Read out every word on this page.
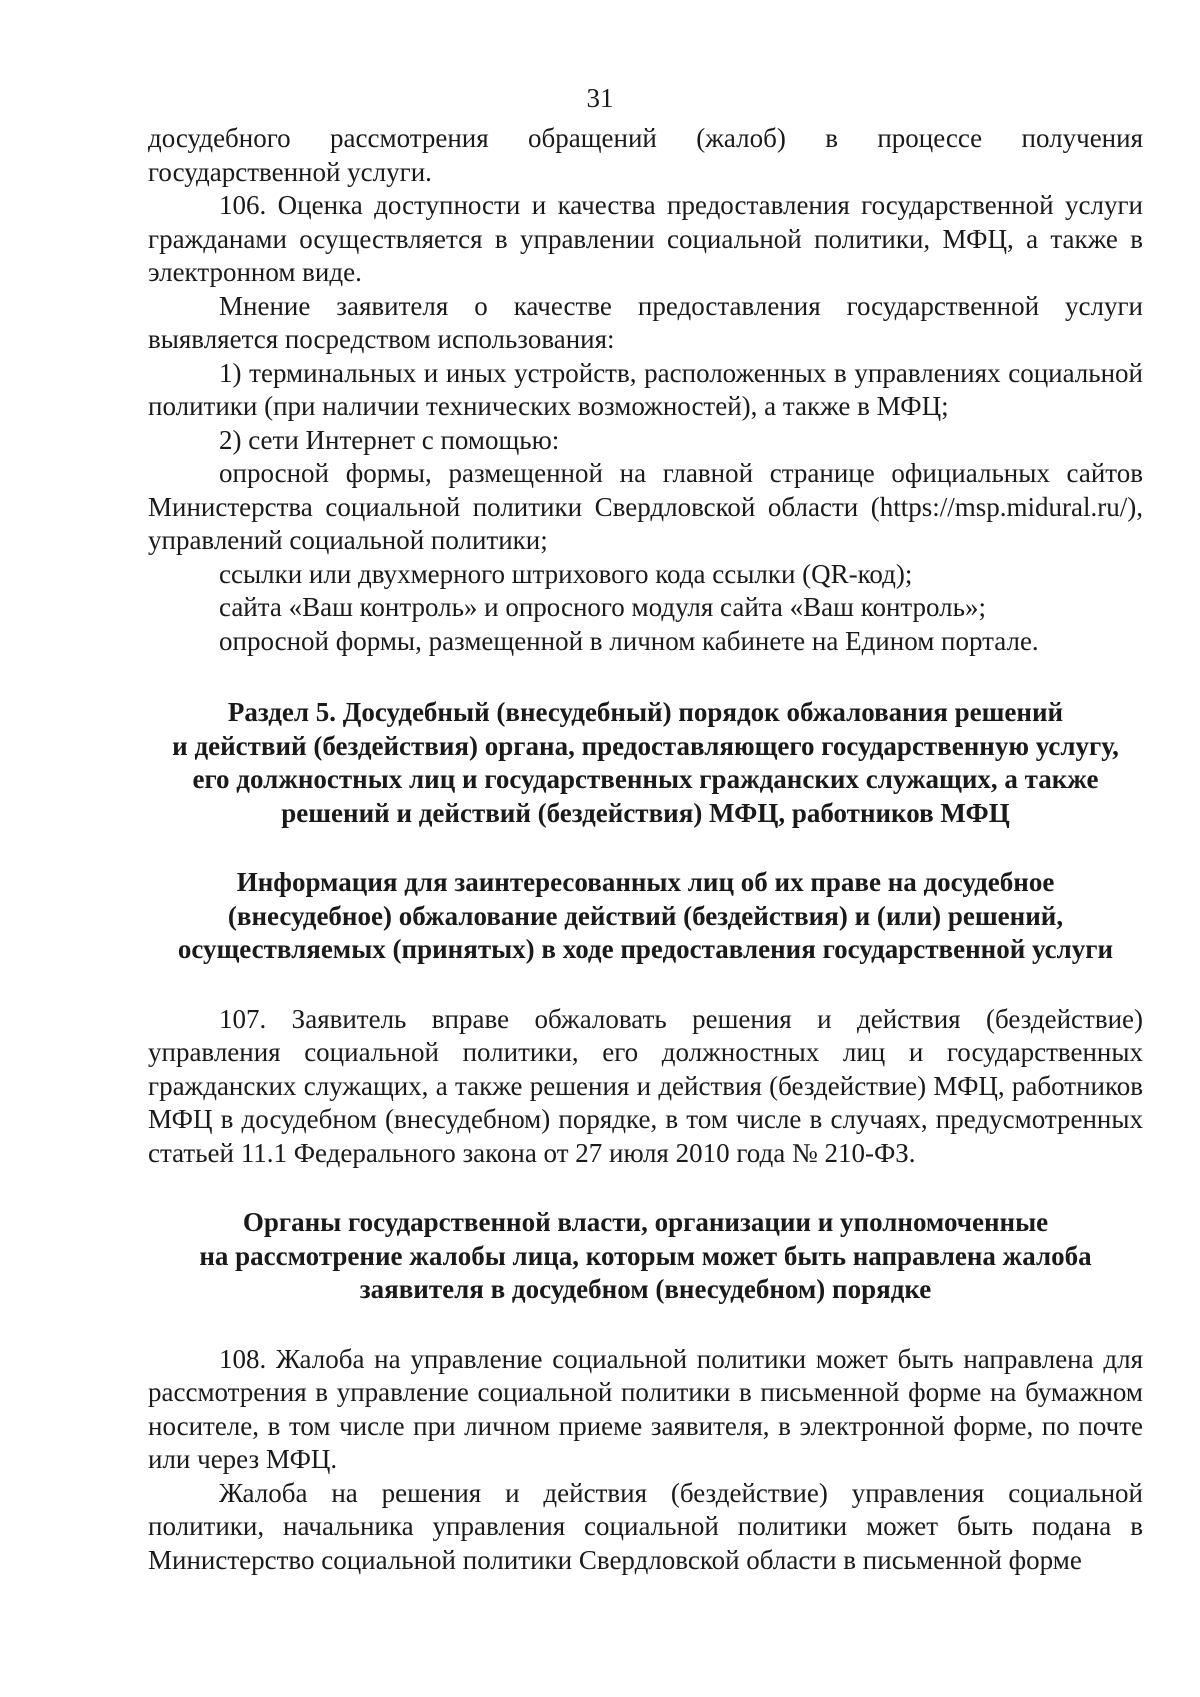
31

досудебного рассмотрения обращений (жалоб) в процессе получения государственной услуги.

106. Оценка доступности и качества предоставления государственной услуги гражданами осуществляется в управлении социальной политики, МФЦ, а также в электронном виде.

Мнение заявителя о качестве предоставления государственной услуги выявляется посредством использования:

1) терминальных и иных устройств, расположенных в управлениях социальной политики (при наличии технических возможностей), а также в МФЦ;

2) сети Интернет с помощью:

опросной формы, размещенной на главной странице официальных сайтов Министерства социальной политики Свердловской области (https://msp.midural.ru/), управлений социальной политики;

ссылки или двухмерного штрихового кода ссылки (QR-код);

сайта «Ваш контроль» и опросного модуля сайта «Ваш контроль»;

опросной формы, размещенной в личном кабинете на Едином портале.

Раздел 5. Досудебный (внесудебный) порядок обжалования решений
и действий (бездействия) органа, предоставляющего государственную услугу,
его должностных лиц и государственных гражданских служащих, а также
решений и действий (бездействия) МФЦ, работников МФЦ
Информация для заинтересованных лиц об их праве на досудебное
(внесудебное) обжалование действий (бездействия) и (или) решений,
осуществляемых (принятых) в ходе предоставления государственной услуги

107. Заявитель вправе обжаловать решения и действия (бездействие) управления социальной политики, его должностных лиц и государственных гражданских служащих, а также решения и действия (бездействие) МФЦ, работников МФЦ в досудебном (внесудебном) порядке, в том числе в случаях, предусмотренных статьей 11.1 Федерального закона от 27 июля 2010 года № 210-ФЗ.

Органы государственной власти, организации и уполномоченные
на рассмотрение жалобы лица, которым может быть направлена жалоба
заявителя в досудебном (внесудебном) порядке

108. Жалоба на управление социальной политики может быть направлена для рассмотрения в управление социальной политики в письменной форме на бумажном носителе, в том числе при личном приеме заявителя, в электронной форме, по почте или через МФЦ.

Жалоба на решения и действия (бездействие) управления социальной политики, начальника управления социальной политики может быть подана в Министерство социальной политики Свердловской области в письменной форме
